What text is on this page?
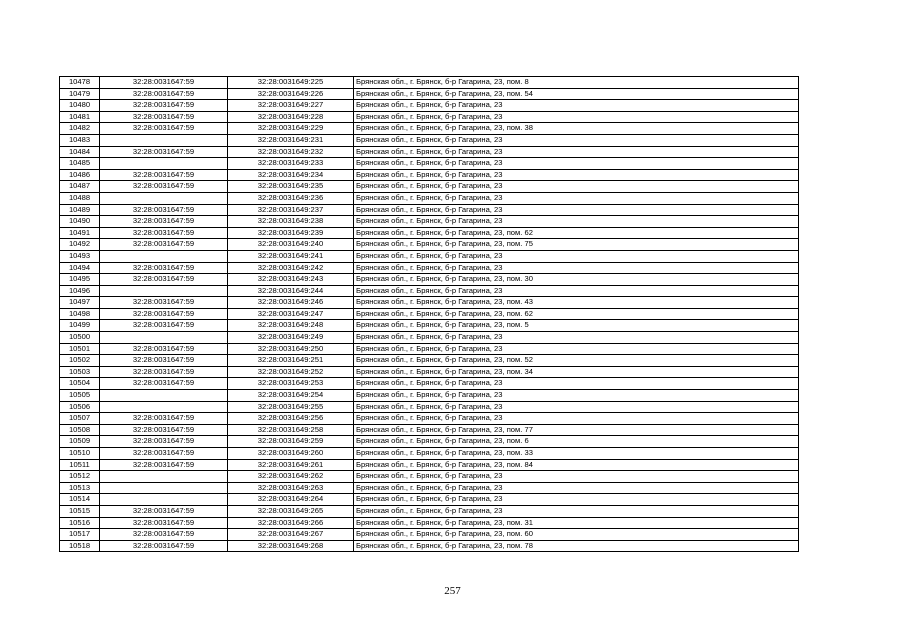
10478	32:28:0031647:59	32:28:0031649:225	Брянская обл., г. Брянск, б-р Гагарина, 23, пом. 8
10479	32:28:0031647:59	32:28:0031649:226	Брянская обл., г. Брянск, б-р Гагарина, 23, пом. 54
10480	32:28:0031647:59	32:28:0031649:227	Брянская обл., г. Брянск, б-р Гагарина, 23
10481	32:28:0031647:59	32:28:0031649:228	Брянская обл., г. Брянск, б-р Гагарина, 23
10482	32:28:0031647:59	32:28:0031649:229	Брянская обл., г. Брянск, б-р Гагарина, 23, пом. 38
10483		32:28:0031649:231	Брянская обл., г. Брянск, б-р Гагарина, 23
10484	32:28:0031647:59	32:28:0031649:232	Брянская обл., г. Брянск, б-р Гагарина, 23
10485		32:28:0031649:233	Брянская обл., г. Брянск, б-р Гагарина, 23
10486	32:28:0031647:59	32:28:0031649:234	Брянская обл., г. Брянск, б-р Гагарина, 23
10487	32:28:0031647:59	32:28:0031649:235	Брянская обл., г. Брянск, б-р Гагарина, 23
10488		32:28:0031649:236	Брянская обл., г. Брянск, б-р Гагарина, 23
10489	32:28:0031647:59	32:28:0031649:237	Брянская обл., г. Брянск, б-р Гагарина, 23
10490	32:28:0031647:59	32:28:0031649:238	Брянская обл., г. Брянск, б-р Гагарина, 23
10491	32:28:0031647:59	32:28:0031649:239	Брянская обл., г. Брянск, б-р Гагарина, 23, пом. 62
10492	32:28:0031647:59	32:28:0031649:240	Брянская обл., г. Брянск, б-р Гагарина, 23, пом. 75
10493		32:28:0031649:241	Брянская обл., г. Брянск, б-р Гагарина, 23
10494	32:28:0031647:59	32:28:0031649:242	Брянская обл., г. Брянск, б-р Гагарина, 23
10495	32:28:0031647:59	32:28:0031649:243	Брянская обл., г. Брянск, б-р Гагарина, 23, пом. 30
10496		32:28:0031649:244	Брянская обл., г. Брянск, б-р Гагарина, 23
10497	32:28:0031647:59	32:28:0031649:246	Брянская обл., г. Брянск, б-р Гагарина, 23, пом. 43
10498	32:28:0031647:59	32:28:0031649:247	Брянская обл., г. Брянск, б-р Гагарина, 23, пом. 62
10499	32:28:0031647:59	32:28:0031649:248	Брянская обл., г. Брянск, б-р Гагарина, 23, пом. 5
10500		32:28:0031649:249	Брянская обл., г. Брянск, б-р Гагарина, 23
10501	32:28:0031647:59	32:28:0031649:250	Брянская обл., г. Брянск, б-р Гагарина, 23
10502	32:28:0031647:59	32:28:0031649:251	Брянская обл., г. Брянск, б-р Гагарина, 23, пом. 52
10503	32:28:0031647:59	32:28:0031649:252	Брянская обл., г. Брянск, б-р Гагарина, 23, пом. 34
10504	32:28:0031647:59	32:28:0031649:253	Брянская обл., г. Брянск, б-р Гагарина, 23
10505		32:28:0031649:254	Брянская обл., г. Брянск, б-р Гагарина, 23
10506		32:28:0031649:255	Брянская обл., г. Брянск, б-р Гагарина, 23
10507	32:28:0031647:59	32:28:0031649:256	Брянская обл., г. Брянск, б-р Гагарина, 23
10508	32:28:0031647:59	32:28:0031649:258	Брянская обл., г. Брянск, б-р Гагарина, 23, пом. 77
10509	32:28:0031647:59	32:28:0031649:259	Брянская обл., г. Брянск, б-р Гагарина, 23, пом. 6
10510	32:28:0031647:59	32:28:0031649:260	Брянская обл., г. Брянск, б-р Гагарина, 23, пом. 33
10511	32:28:0031647:59	32:28:0031649:261	Брянская обл., г. Брянск, б-р Гагарина, 23, пом. 84
10512		32:28:0031649:262	Брянская обл., г. Брянск, б-р Гагарина, 23
10513		32:28:0031649:263	Брянская обл., г. Брянск, б-р Гагарина, 23
10514		32:28:0031649:264	Брянская обл., г. Брянск, б-р Гагарина, 23
10515	32:28:0031647:59	32:28:0031649:265	Брянская обл., г. Брянск, б-р Гагарина, 23
10516	32:28:0031647:59	32:28:0031649:266	Брянская обл., г. Брянск, б-р Гагарина, 23, пом. 31
10517	32:28:0031647:59	32:28:0031649:267	Брянская обл., г. Брянск, б-р Гагарина, 23, пом. 60
10518	32:28:0031647:59	32:28:0031649:268	Брянская обл., г. Брянск, б-р Гагарина, 23, пом. 78
257
